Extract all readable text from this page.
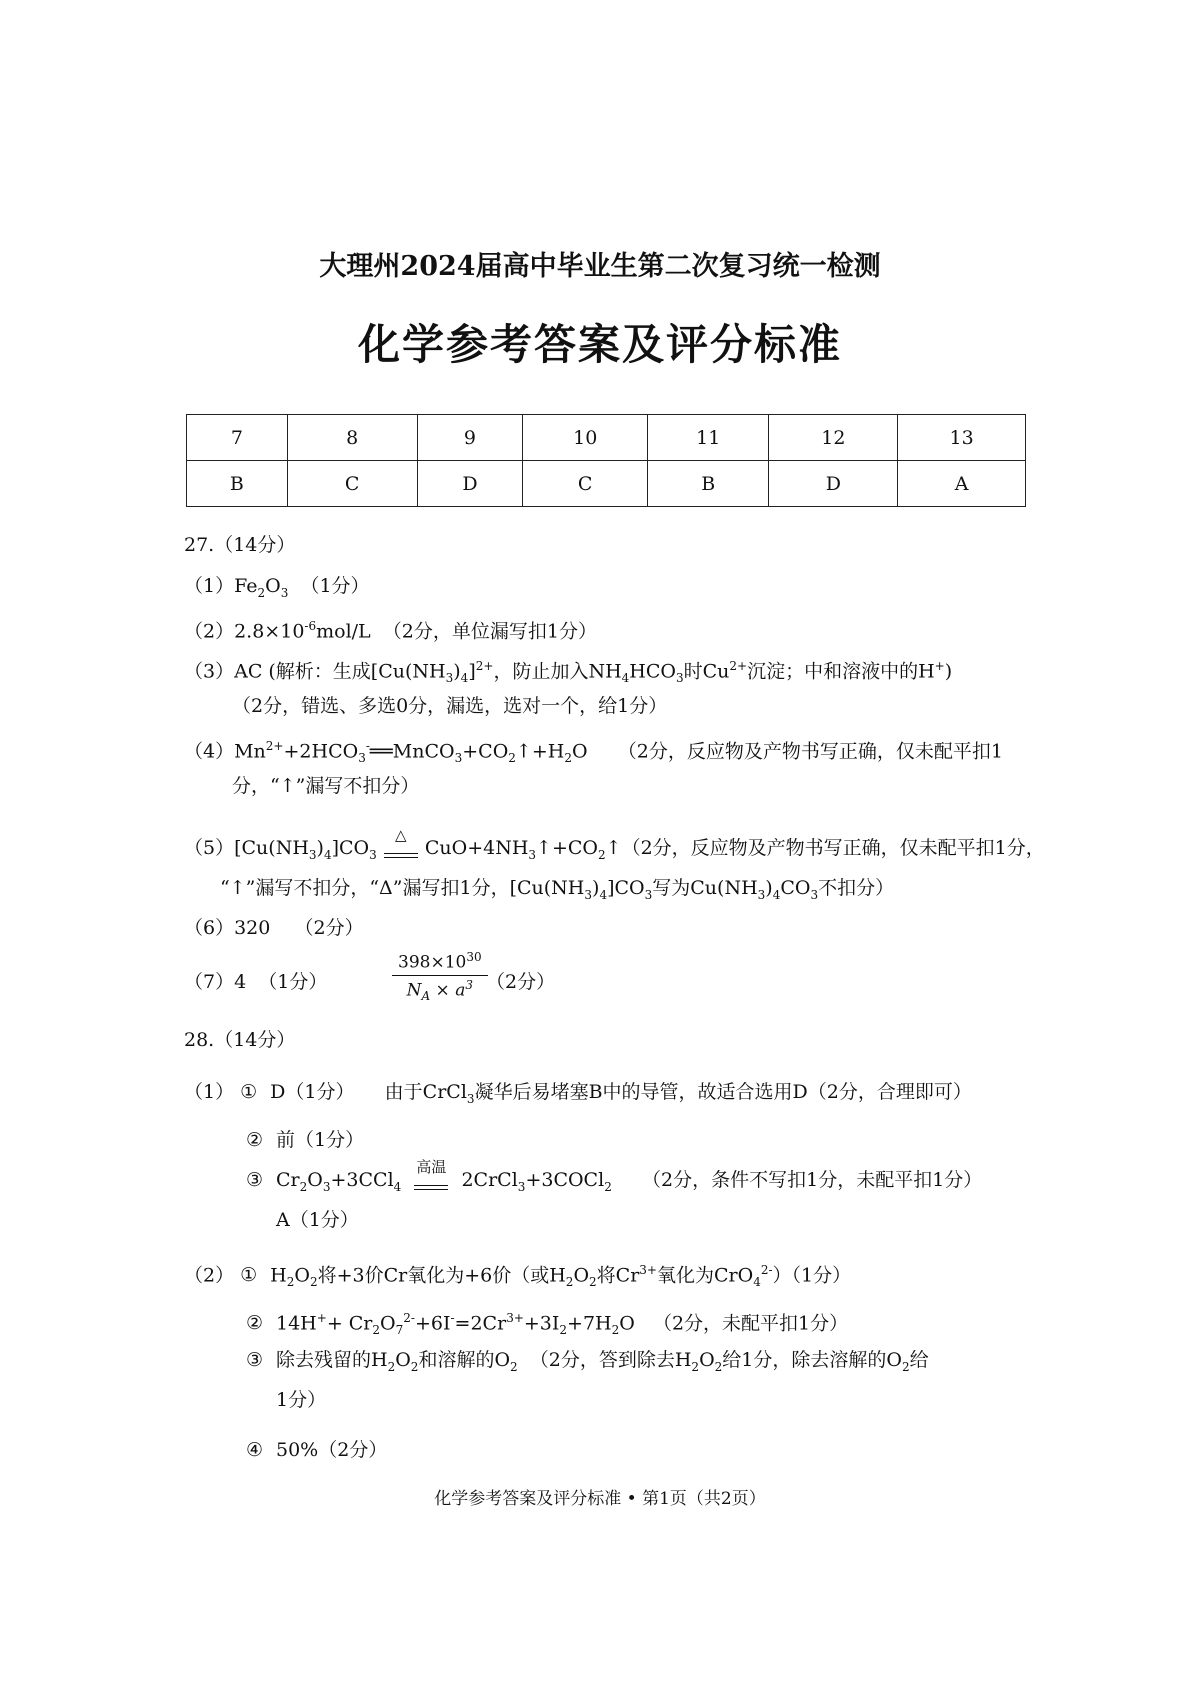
大理州2024届高中毕业生第二次复习统一检测
化学参考答案及评分标准
7	8	9	10	11	12	13
B	C	D	C	B	D	A
27.（14分）
$(1)Fe_2O_3$ （1分）
$(2)2.8\times 10^{-6}mol/L$ （2分，单位漏写扣1分）
（3）AC (解析：生成$[Cu(NH_3)_4]^{2+}$，防止加入$NH_4HCO_3$时$Cu^{2+}$沉淀；中和溶液中的H+)
（2分，错选、多选0分，漏选，选对一个，给1分）
$(4)Mn^{2+}+2HCO_3^-══MnCO_3+CO_2↑+H_2O$     （2分，反应物及产物书写正确，仅未配平扣1
分，“↑”漏写不扣分）
$(5)[Cu(NH_3)_4]CO_3$
△
$CuO+4NH_3↑+CO_2↑(2$分，反应物及产物书写正确，仅未配平扣1分，
“↑”漏写不扣分，“Δ”漏写扣1分，$[Cu(NH_3)_4]CO_3$写为$Cu(NH_3)_4CO_3$不扣分）
（6）320 （2分）
（7）4 （1分）	$\frac{398\times 10^{30}}{N_A \times a^3}$
（2分）
28.（14分）
（1） ① D（1分） 由于CrCl$_3$凝华后易堵塞B中的导管，故适合选用D（2分，合理即可）
② 前（1分）
③ $Cr_2O_3+3CCl_4$
高温
2CrCl$_3$+3COCl$_2$ （2分，条件不写扣1分，未配平扣1分）
A（1分）
（2） ① $H_2O_2$将+3价Cr氧化为+6价（或$H_2O_2$将$Cr^{3+}$氧化为CrO$_4^{2-}$）（1分）
② $14H^++ Cr_2O_7^{2-}+6I^-=2Cr^{3+}+3I_2+7H_2O$   （2分，未配平扣1分）
③ 除去残留的$H_2O_2$和溶解的$O_2$ （2分，答到除去$H_2O_2$给1分，除去溶解的$O_2$给
1分）
④ 50%（2分）
化学参考答案及评分标准 • 第1页（共2页）
